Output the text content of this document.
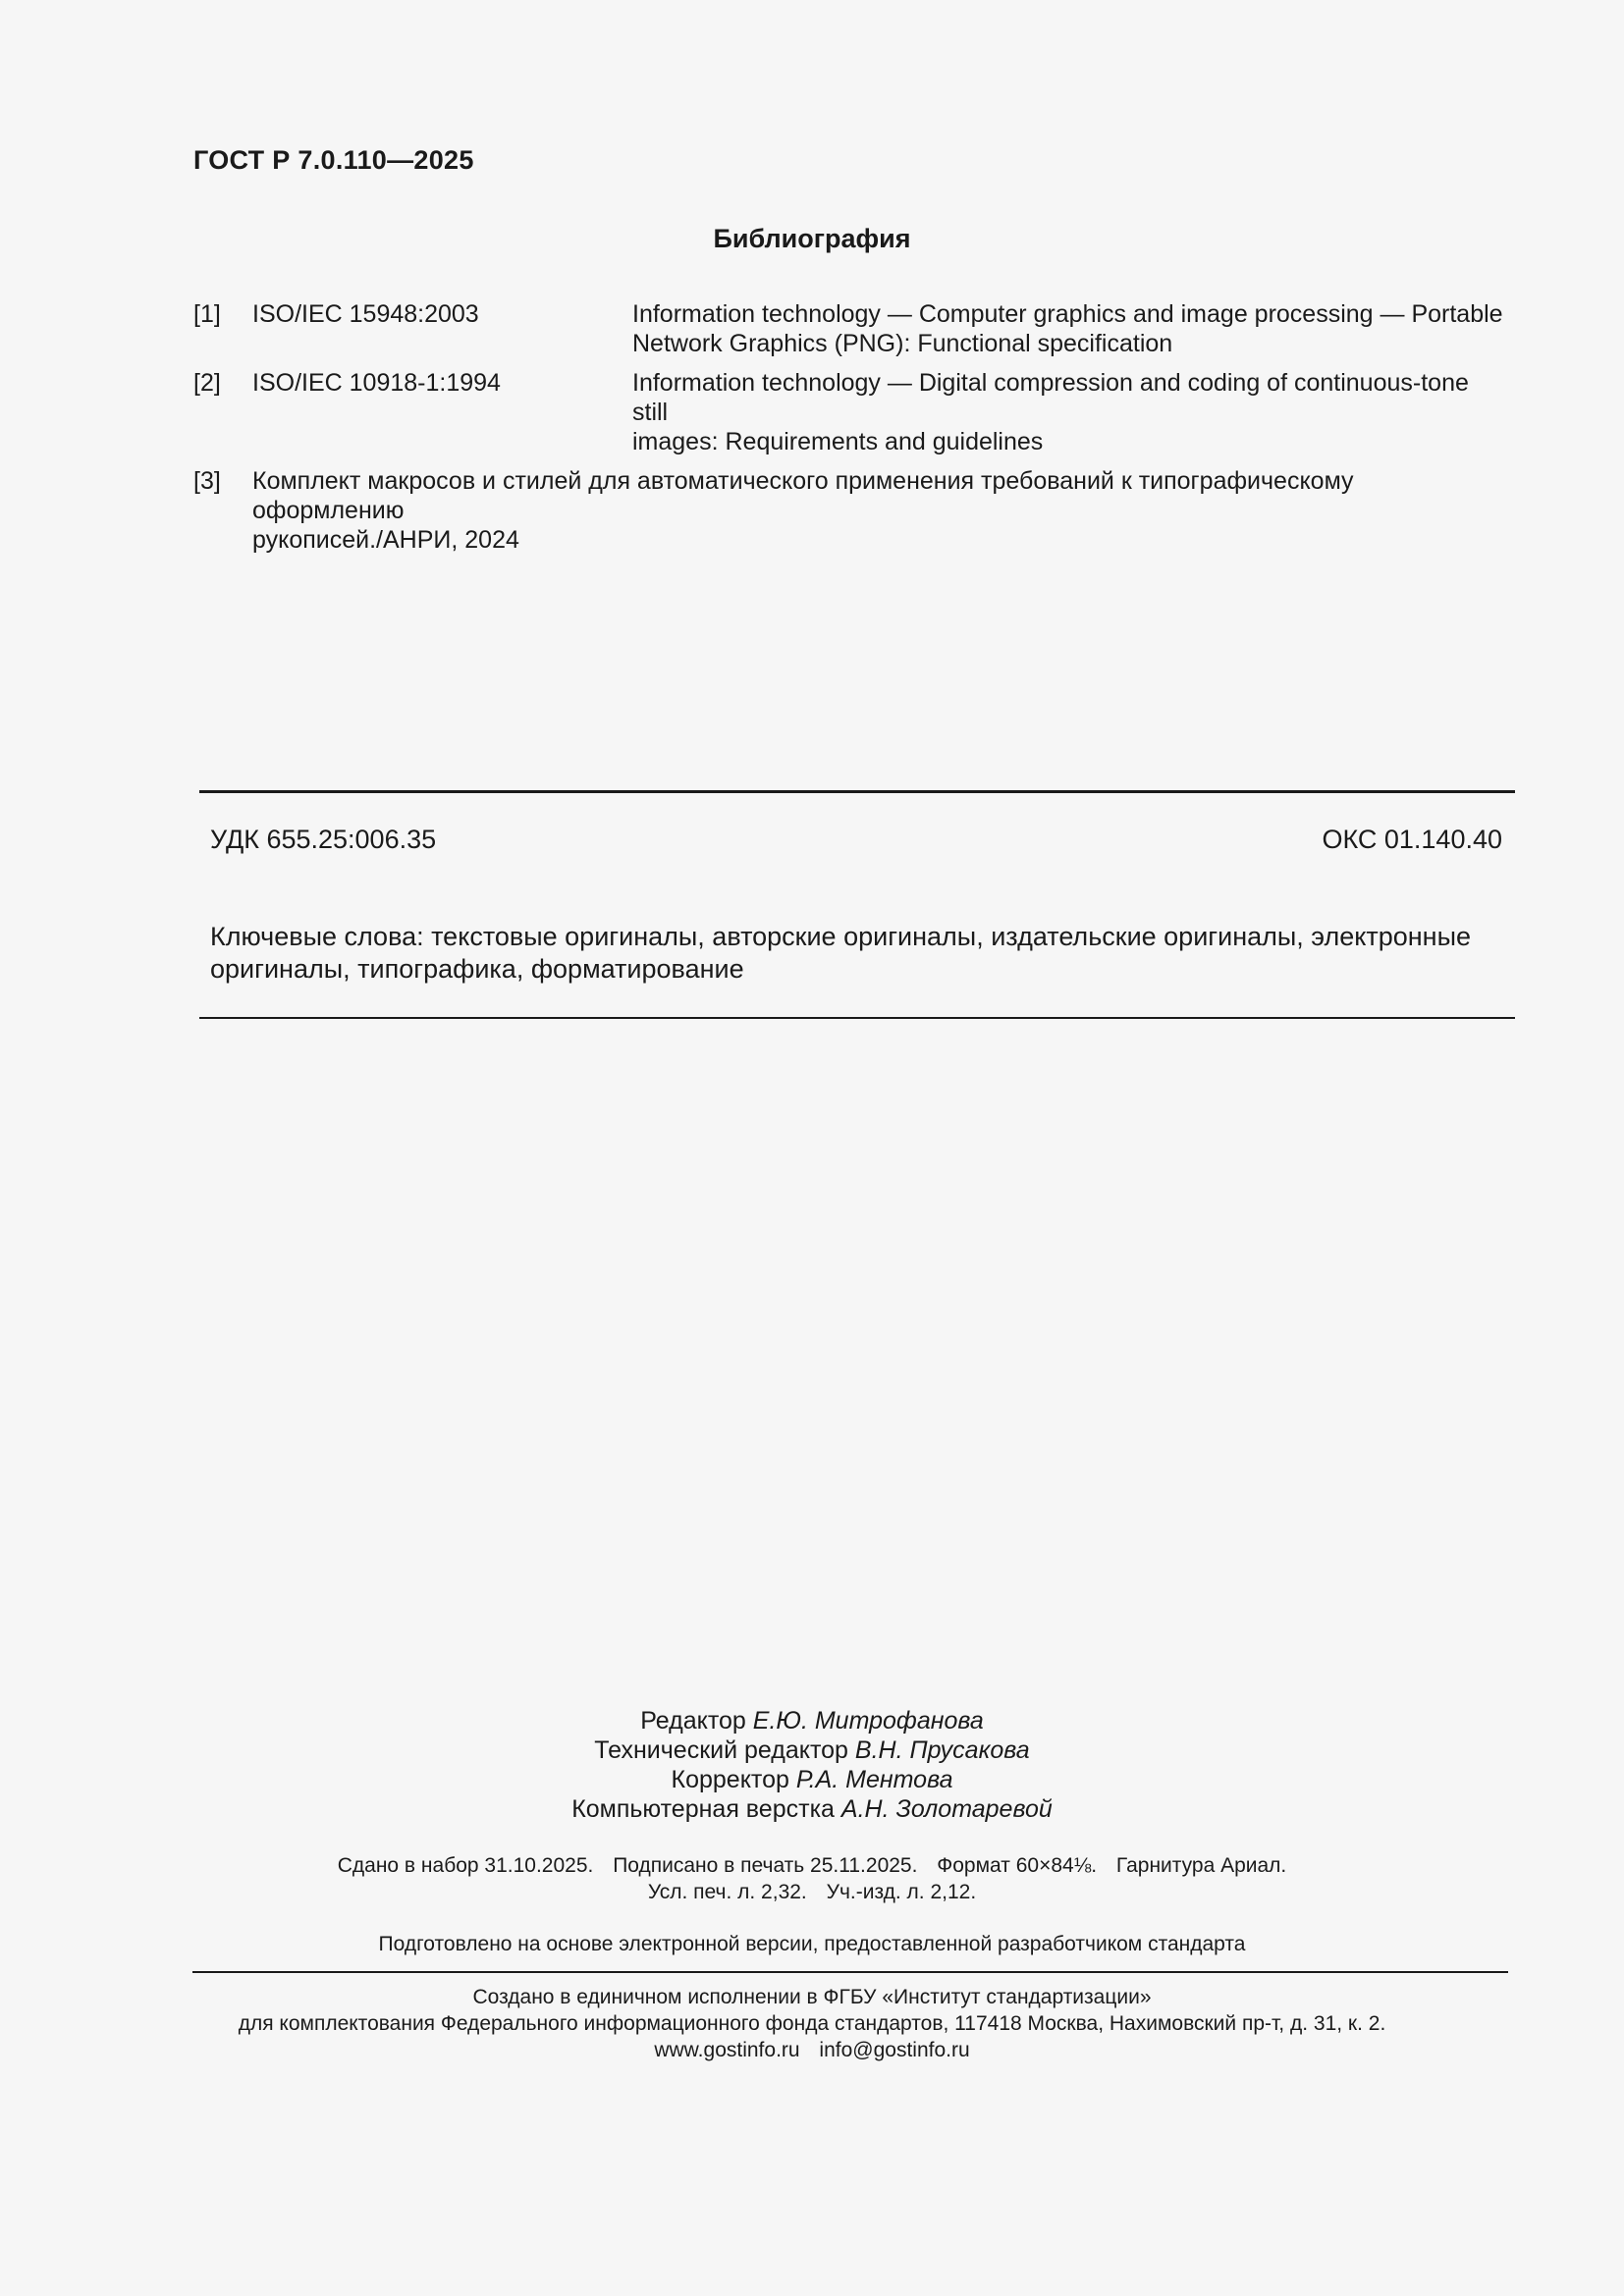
ГОСТ Р 7.0.110—2025
Библиография
[1] ISO/IEC 15948:2003	Information technology — Computer graphics and image processing — Portable
Network Graphics (PNG): Functional specification
[2] ISO/IEC 10918-1:1994	Information technology — Digital compression and coding of continuous-tone still
images: Requirements and guidelines
[3] Комплект макросов и стилей для автоматического применения требований к типографическому оформлению
рукописей./АНРИ, 2024
УДК 655.25:006.35	ОКС 01.140.40
Ключевые слова: текстовые оригиналы, авторские оригиналы, издательские оригиналы, электронные
оригиналы, типографика, форматирование
Редактор Е.Ю. Митрофанова
Технический редактор В.Н. Прусакова
Корректор Р.А. Ментова
Компьютерная верстка А.Н. Золотаревой
Сдано в набор 31.10.2025. Подписано в печать 25.11.2025. Формат 60×84⅛. Гарнитура Ариал.
Усл. печ. л. 2,32. Уч.-изд. л. 2,12.
Подготовлено на основе электронной версии, предоставленной разработчиком стандарта
Создано в единичном исполнении в ФГБУ «Институт стандартизации»
для комплектования Федерального информационного фонда стандартов, 117418 Москва, Нахимовский пр-т, д. 31, к. 2.
www.gostinfo.ru info@gostinfo.ru
